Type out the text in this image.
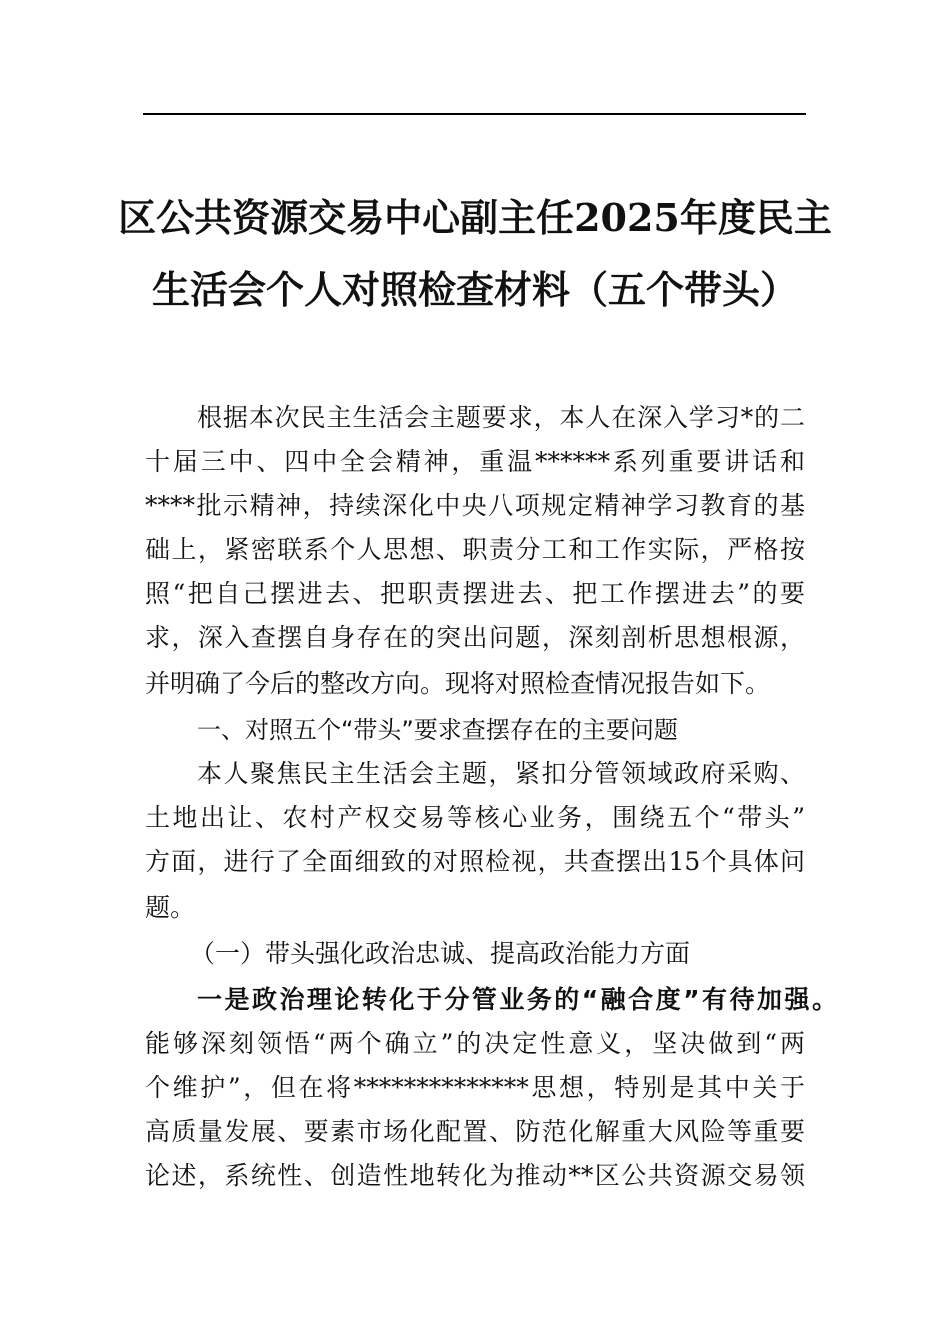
区公共资源交易中心副主任2025年度民主
生活会个人对照检查材料（五个带头）
根据本次民主生活会主题要求，本人在深入学习*的二
十届三中、四中全会精神，重温******系列重要讲话和
****批示精神，持续深化中央八项规定精神学习教育的基
础上，紧密联系个人思想、职责分工和工作实际，严格按
照“把自己摆进去、把职责摆进去、把工作摆进去”的要
求，深入查摆自身存在的突出问题，深刻剖析思想根源，
并明确了今后的整改方向。现将对照检查情况报告如下。
一、对照五个“带头”要求查摆存在的主要问题
本人聚焦民主生活会主题，紧扣分管领域政府采购、
土地出让、农村产权交易等核心业务，围绕五个“带头”
方面，进行了全面细致的对照检视，共查摆出15个具体问
题。
（一）带头强化政治忠诚、提高政治能力方面
一是政治理论转化于分管业务的“融合度”有待加强。
能够深刻领悟“两个确立”的决定性意义，坚决做到“两
个维护”，但在将**************思想，特别是其中关于
高质量发展、要素市场化配置、防范化解重大风险等重要
论述，系统性、创造性地转化为推动**区公共资源交易领
